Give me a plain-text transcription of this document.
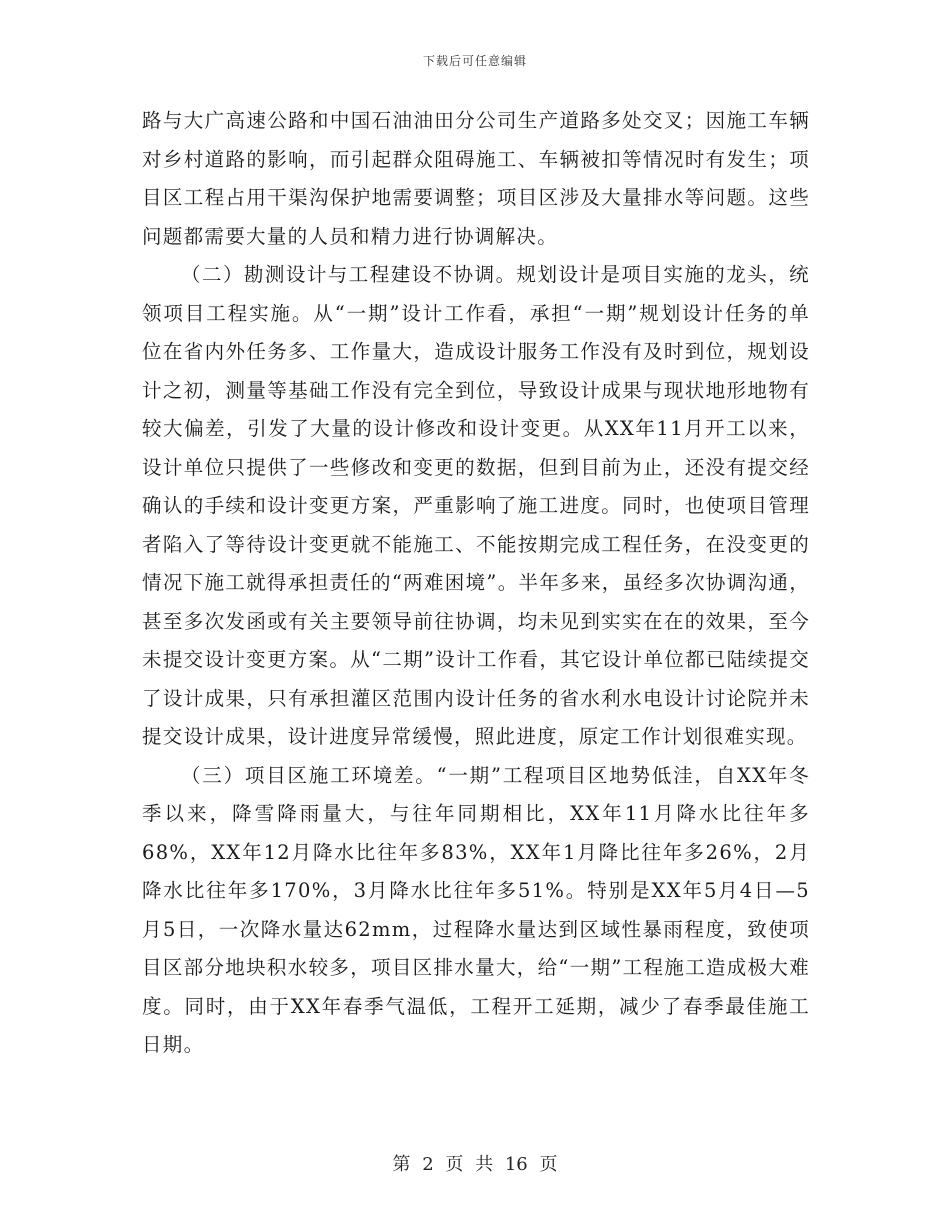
下载后可任意编辑

路与大广高速公路和中国石油油田分公司生产道路多处交叉；因施工车辆对乡村道路的影响，而引起群众阻碍施工、车辆被扣等情况时有发生；项目区工程占用干渠沟保护地需要调整；项目区涉及大量排水等问题。这些问题都需要大量的人员和精力进行协调解决。

（二）勘测设计与工程建设不协调。规划设计是项目实施的龙头，统领项目工程实施。从“一期”设计工作看，承担“一期”规划设计任务的单位在省内外任务多、工作量大，造成设计服务工作没有及时到位，规划设计之初，测量等基础工作没有完全到位，导致设计成果与现状地形地物有较大偏差，引发了大量的设计修改和设计变更。从XX年11月开工以来，设计单位只提供了一些修改和变更的数据，但到目前为止，还没有提交经确认的手续和设计变更方案，严重影响了施工进度。同时，也使项目管理者陷入了等待设计变更就不能施工、不能按期完成工程任务，在没变更的情况下施工就得承担责任的“两难困境”。半年多来，虽经多次协调沟通，甚至多次发函或有关主要领导前往协调，均未见到实实在在的效果，至今未提交设计变更方案。从“二期”设计工作看，其它设计单位都已陆续提交了设计成果，只有承担灌区范围内设计任务的省水利水电设计讨论院并未提交设计成果，设计进度异常缓慢，照此进度，原定工作计划很难实现。

（三）项目区施工环境差。“一期”工程项目区地势低洼，自XX年冬季以来，降雪降雨量大，与往年同期相比，XX年11月降水比往年多68%，XX年12月降水比往年多83%，XX年1月降比往年多26%，2月降水比往年多170%，3月降水比往年多51%。特别是XX年5月4日—5月5日，一次降水量达62mm，过程降水量达到区域性暴雨程度，致使项目区部分地块积水较多，项目区排水量大，给“一期”工程施工造成极大难度。同时，由于XX年春季气温低，工程开工延期，减少了春季最佳施工日期。

第 2 页 共 16 页
